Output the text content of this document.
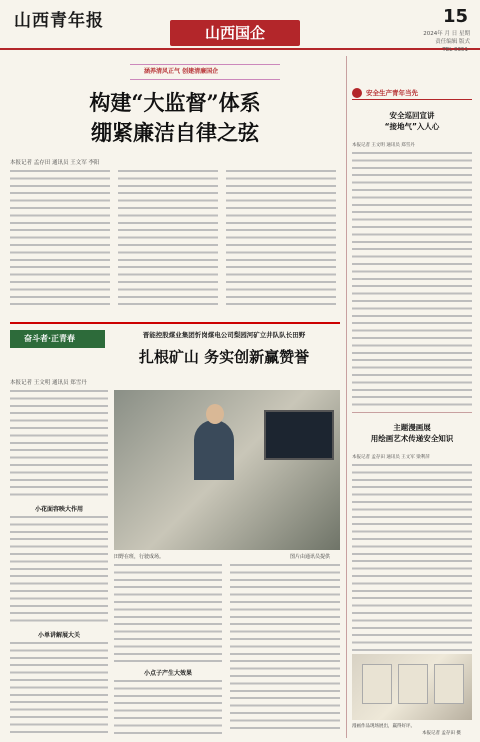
山西青年报
山西国企
15
2024年 月 日 星期
责任编辑 版式
TEL 0351-
涵养清风正气 创建清廉国企
构建“大监督”体系
绷紧廉洁自律之弦
本报记者 孟存田 通讯员 王文军 李阳
奋斗者·正青春	晋能控股煤业集团忻岗煤电公司梨园河矿立井队队长田野
扎根矿山 务实创新赢赞誉
本报记者 王文明 通讯员 郑雪丹
小花面容映大作用
小单讲解展大关
田野在班，行驶成场。	图片由通讯员提供
小点子产生大效果
安全生产青年当先
安全巡回宣讲
“接地气”入人心
本报记者 王文明 通讯员 郑雪丹
主题漫画展
用绘画艺术传递安全知识
本报记者 孟存田 通讯员 王文军 梁利萍
漫画作品现场展出，赢得好评。
本报记者 孟存田 摄
